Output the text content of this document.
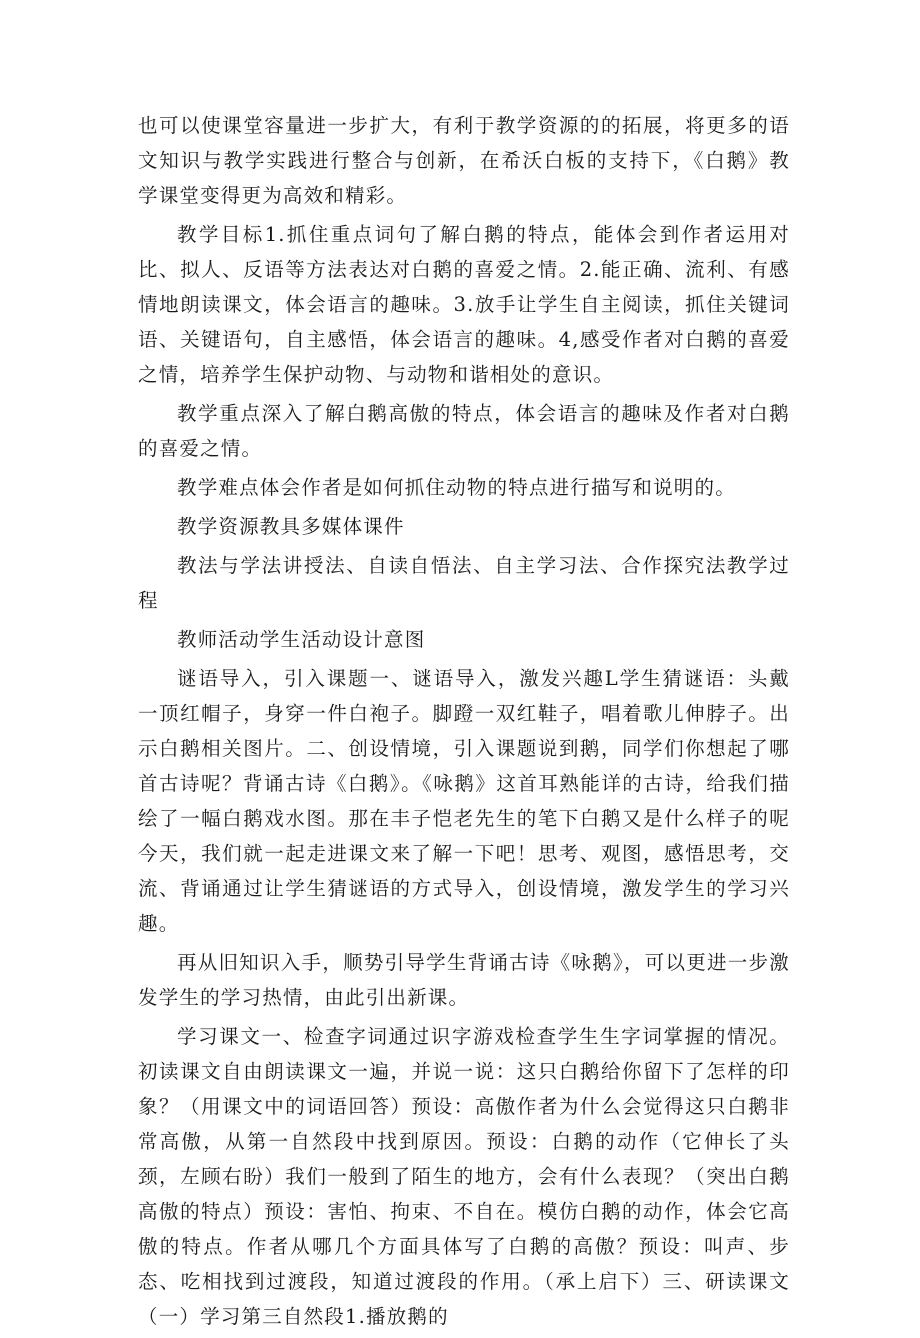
也可以使课堂容量进一步扩大，有利于教学资源的的拓展，将更多的语文知识与教学实践进行整合与创新，在希沃白板的支持下，《白鹅》教学课堂变得更为高效和精彩。

教学目标1.抓住重点词句了解白鹅的特点，能体会到作者运用对比、拟人、反语等方法表达对白鹅的喜爱之情。2.能正确、流利、有感情地朗读课文，体会语言的趣味。3.放手让学生自主阅读，抓住关键词语、关键语句，自主感悟，体会语言的趣味。4,感受作者对白鹅的喜爱之情，培养学生保护动物、与动物和谐相处的意识。

教学重点深入了解白鹅高傲的特点，体会语言的趣味及作者对白鹅的喜爱之情。

教学难点体会作者是如何抓住动物的特点进行描写和说明的。

教学资源教具多媒体课件

教法与学法讲授法、自读自悟法、自主学习法、合作探究法教学过程

教师活动学生活动设计意图

谜语导入，引入课题一、谜语导入，激发兴趣L学生猜谜语：头戴一顶红帽子，身穿一件白袍子。脚蹬一双红鞋子，唱着歌儿伸脖子。出示白鹅相关图片。二、创设情境，引入课题说到鹅，同学们你想起了哪首古诗呢？背诵古诗《白鹅》。《咏鹅》这首耳熟能详的古诗，给我们描绘了一幅白鹅戏水图。那在丰子恺老先生的笔下白鹅又是什么样子的呢今天，我们就一起走进课文来了解一下吧！思考、观图，感悟思考，交流、背诵通过让学生猜谜语的方式导入，创设情境，激发学生的学习兴趣。

再从旧知识入手，顺势引导学生背诵古诗《咏鹅》，可以更进一步激发学生的学习热情，由此引出新课。

学习课文一、检查字词通过识字游戏检查学生生字词掌握的情况。初读课文自由朗读课文一遍，并说一说：这只白鹅给你留下了怎样的印象？（用课文中的词语回答）预设：高傲作者为什么会觉得这只白鹅非常高傲，从第一自然段中找到原因。预设：白鹅的动作（它伸长了头颈，左顾右盼）我们一般到了陌生的地方，会有什么表现？（突出白鹅高傲的特点）预设：害怕、拘束、不自在。模仿白鹅的动作，体会它高傲的特点。作者从哪几个方面具体写了白鹅的高傲？预设：叫声、步态、吃相找到过渡段，知道过渡段的作用。（承上启下）三、研读课文（一）学习第三自然段1.播放鹅的
